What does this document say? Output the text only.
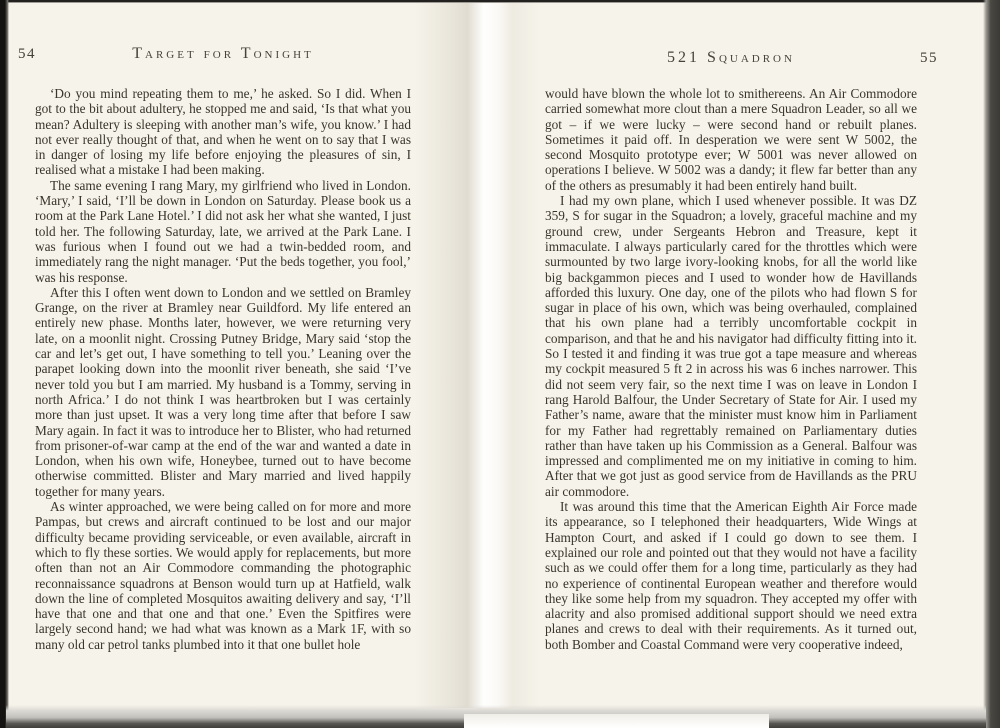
54	Target for Tonight

‘Do you mind repeating them to me,’ he asked. So I did. When I got to the bit about adultery, he stopped me and said, ‘Is that what you mean? Adultery is sleeping with another man’s wife, you know.’ I had not ever really thought of that, and when he went on to say that I was in danger of losing my life before enjoying the pleasures of sin, I realised what a mistake I had been making.

The same evening I rang Mary, my girlfriend who lived in London. ‘Mary,’ I said, ‘I’ll be down in London on Saturday. Please book us a room at the Park Lane Hotel.’ I did not ask her what she wanted, I just told her. The following Saturday, late, we arrived at the Park Lane. I was furious when I found out we had a twin-bedded room, and immediately rang the night manager. ‘Put the beds together, you fool,’ was his response.

After this I often went down to London and we settled on Bramley Grange, on the river at Bramley near Guildford. My life entered an entirely new phase. Months later, however, we were returning very late, on a moonlit night. Crossing Putney Bridge, Mary said ‘stop the car and let’s get out, I have something to tell you.’ Leaning over the parapet looking down into the moonlit river beneath, she said ‘I’ve never told you but I am married. My husband is a Tommy, serving in north Africa.’ I do not think I was heartbroken but I was certainly more than just upset. It was a very long time after that before I saw Mary again. In fact it was to introduce her to Blister, who had returned from prisoner-of-war camp at the end of the war and wanted a date in London, when his own wife, Honeybee, turned out to have become otherwise committed. Blister and Mary married and lived happily together for many years.

As winter approached, we were being called on for more and more Pampas, but crews and aircraft continued to be lost and our major difficulty became providing serviceable, or even available, aircraft in which to fly these sorties. We would apply for replacements, but more often than not an Air Commodore commanding the photographic reconnaissance squadrons at Benson would turn up at Hatfield, walk down the line of completed Mosquitos awaiting delivery and say, ‘I’ll have that one and that one and that one.’ Even the Spitfires were largely second hand; we had what was known as a Mark 1F, with so many old car petrol tanks plumbed into it that one bullet hole

521 Squadron	55

would have blown the whole lot to smithereens. An Air Commodore carried somewhat more clout than a mere Squadron Leader, so all we got – if we were lucky – were second hand or rebuilt planes. Sometimes it paid off. In desperation we were sent W 5002, the second Mosquito prototype ever; W 5001 was never allowed on operations I believe. W 5002 was a dandy; it flew far better than any of the others as presumably it had been entirely hand built.

I had my own plane, which I used whenever possible. It was DZ 359, S for sugar in the Squadron; a lovely, graceful machine and my ground crew, under Sergeants Hebron and Treasure, kept it immaculate. I always particularly cared for the throttles which were surmounted by two large ivory-looking knobs, for all the world like big backgammon pieces and I used to wonder how de Havillands afforded this luxury. One day, one of the pilots who had flown S for sugar in place of his own, which was being overhauled, complained that his own plane had a terribly uncomfortable cockpit in comparison, and that he and his navigator had difficulty fitting into it. So I tested it and finding it was true got a tape measure and whereas my cockpit measured 5 ft 2 in across his was 6 inches narrower. This did not seem very fair, so the next time I was on leave in London I rang Harold Balfour, the Under Secretary of State for Air. I used my Father’s name, aware that the minister must know him in Parliament for my Father had regrettably remained on Parliamentary duties rather than have taken up his Commission as a General. Balfour was impressed and complimented me on my initiative in coming to him. After that we got just as good service from de Havillands as the PRU air commodore.

It was around this time that the American Eighth Air Force made its appearance, so I telephoned their headquarters, Wide Wings at Hampton Court, and asked if I could go down to see them. I explained our role and pointed out that they would not have a facility such as we could offer them for a long time, particularly as they had no experience of continental European weather and therefore would they like some help from my squadron. They accepted my offer with alacrity and also promised additional support should we need extra planes and crews to deal with their requirements. As it turned out, both Bomber and Coastal Command were very cooperative indeed,
